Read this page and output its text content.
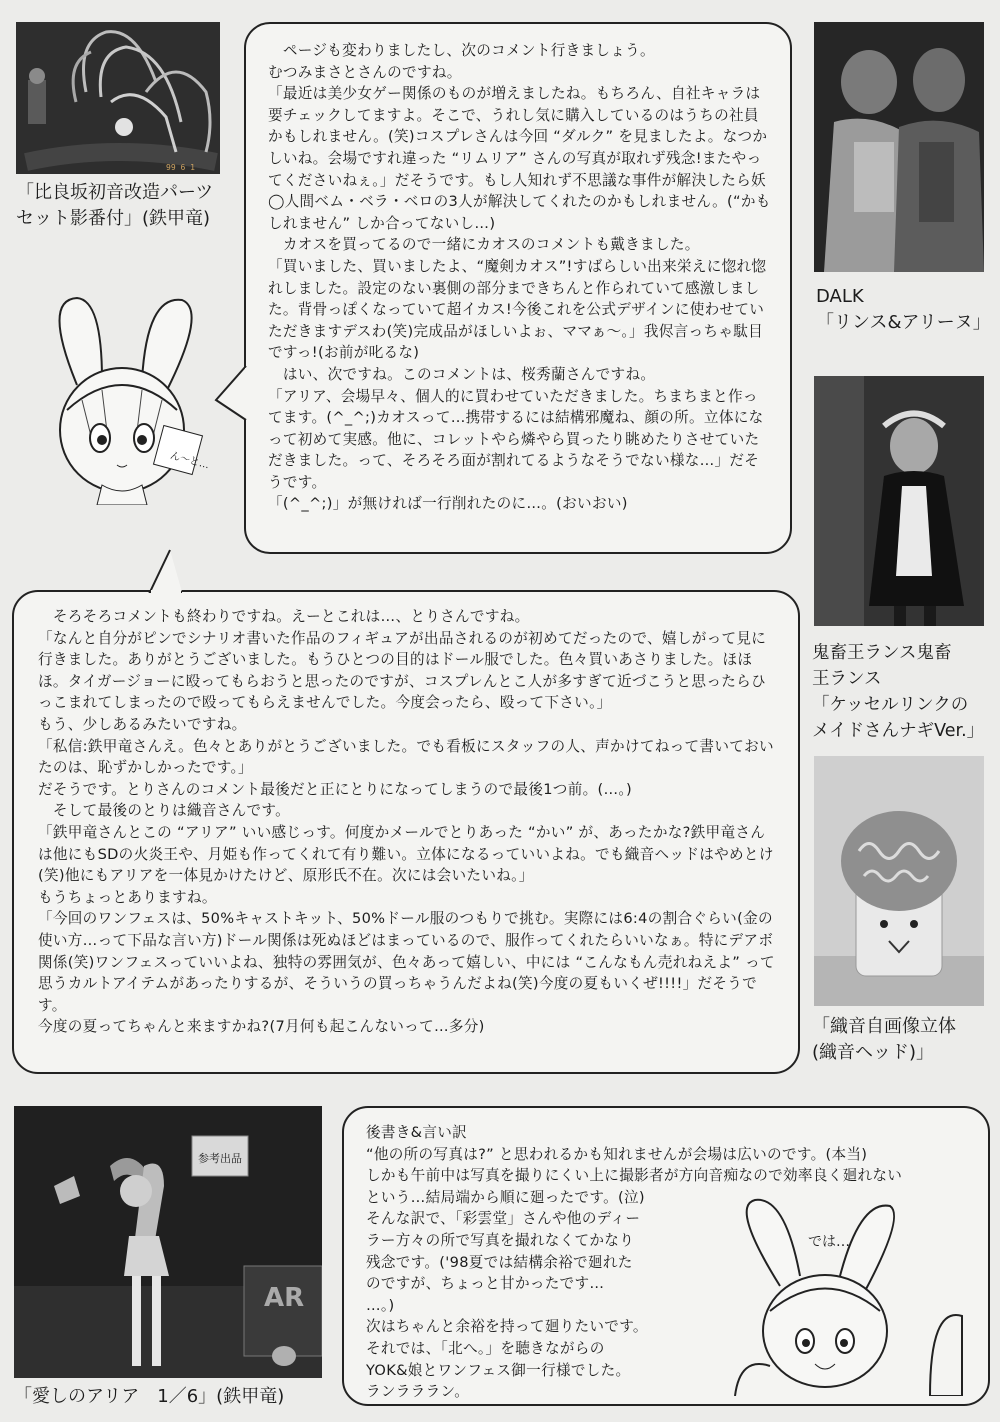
99 6 1
「比良坂初音改造パーツ
セット影番付」(鉄甲竜)
DALK
「リンス&アリーヌ」
鬼畜王ランス鬼畜
王ランス
「ケッセルリンクの
メイドさんナギVer.」
「織音自画像立体
(織音ヘッド)」
参考出品
AR
「愛しのアリア　1／6」(鉄甲竜)

　ページも変わりましたし、次のコメント行きましょう。
むつみまさとさんのですね。
「最近は美少女ゲー関係のものが増えましたね。もちろん、自社キャラは要チェックしてますよ。そこで、うれし気に購入しているのはうちの社員かもしれません。(笑)コスプレさんは今回 “ダルク” を見ましたよ。なつかしいね。会場ですれ違った “リムリア” さんの写真が取れず残念!またやってくださいねぇ。」だそうです。もし人知れず不思議な事件が解決したら妖◯人間ベム・ベラ・ベロの3人が解決してくれたのかもしれません。(“かもしれません” しか合ってないし…)
　カオスを買ってるので一緒にカオスのコメントも戴きました。
「買いました、買いましたよ、“魔剣カオス”!すばらしい出来栄えに惚れ惚れしました。設定のない裏側の部分まできちんと作られていて感激しました。背骨っぽくなっていて超イカス!今後これを公式デザインに使わせていただきますデスわ(笑)完成品がほしいよぉ、ママぁ〜。」我侭言っちゃ駄目ですっ!(お前が叱るな)
　はい、次ですね。このコメントは、桜秀蘭さんですね。
「アリア、会場早々、個人的に買わせていただきました。ちまちまと作ってます。(^_^;)カオスって…携帯するには結構邪魔ね、顔の所。立体になって初めて実感。他に、コレットやら燐やら買ったり眺めたりさせていただきました。って、そろそろ面が割れてるようなそうでない様な…」だそうです。
「(^_^;)」が無ければ一行削れたのに…。(おいおい)

ん〜と…

　そろそろコメントも終わりですね。えーとこれは…、とりさんですね。
「なんと自分がピンでシナリオ書いた作品のフィギュアが出品されるのが初めてだったので、嬉しがって見に行きました。ありがとうございました。もうひとつの目的はドール服でした。色々買いあさりました。ほほほ。タイガージョーに殴ってもらおうと思ったのですが、コスプレんとこ人が多すぎて近づこうと思ったらひっこまれてしまったので殴ってもらえませんでした。今度会ったら、殴って下さい。」
もう、少しあるみたいですね。
「私信:鉄甲竜さんえ。色々とありがとうございました。でも看板にスタッフの人、声かけてねって書いておいたのは、恥ずかしかったです。」
だそうです。とりさんのコメント最後だと正にとりになってしまうので最後1つ前。(…。)
　そして最後のとりは織音さんです。
「鉄甲竜さんとこの “アリア” いい感じっす。何度かメールでとりあった “かい” が、あったかな?鉄甲竜さんは他にもSDの火炎王や、月姫も作ってくれて有り難い。立体になるっていいよね。でも織音ヘッドはやめとけ(笑)他にもアリアを一体見かけたけど、原形氏不在。次には会いたいね。」
もうちょっとありますね。
「今回のワンフェスは、50%キャストキット、50%ドール服のつもりで挑む。実際には6:4の割合ぐらい(金の使い方…って下品な言い方)ドール関係は死ぬほどはまっているので、服作ってくれたらいいなぁ。特にデアボ関係(笑)ワンフェスっていいよね、独特の雰囲気が、色々あって嬉しい、中には “こんなもん売れねえよ” って思うカルトアイテムがあったりするが、そういうの買っちゃうんだよね(笑)今度の夏もいくぜ!!!!」だそうです。
今度の夏ってちゃんと来ますかね?(7月何も起こんないって…多分)

後書き&言い訳

“他の所の写真は?” と思われるかも知れませんが会場は広いのです。(本当)

しかも午前中は写真を撮りにくい上に撮影者が方向音痴なので効率良く廻れない

という…結局端から順に廻ったです。(泣)

そんな訳で、「彩雲堂」さんや他のディー

ラー方々の所で写真を撮れなくてかなり

残念です。('98夏では結構余裕で廻れた

のですが、ちょっと甘かったです…

…。)

次はちゃんと余裕を持って廻りたいです。

それでは、「北へ。」を聴きながらの

YOK&娘とワンフェス御一行様でした。

ランラララン。

では…
